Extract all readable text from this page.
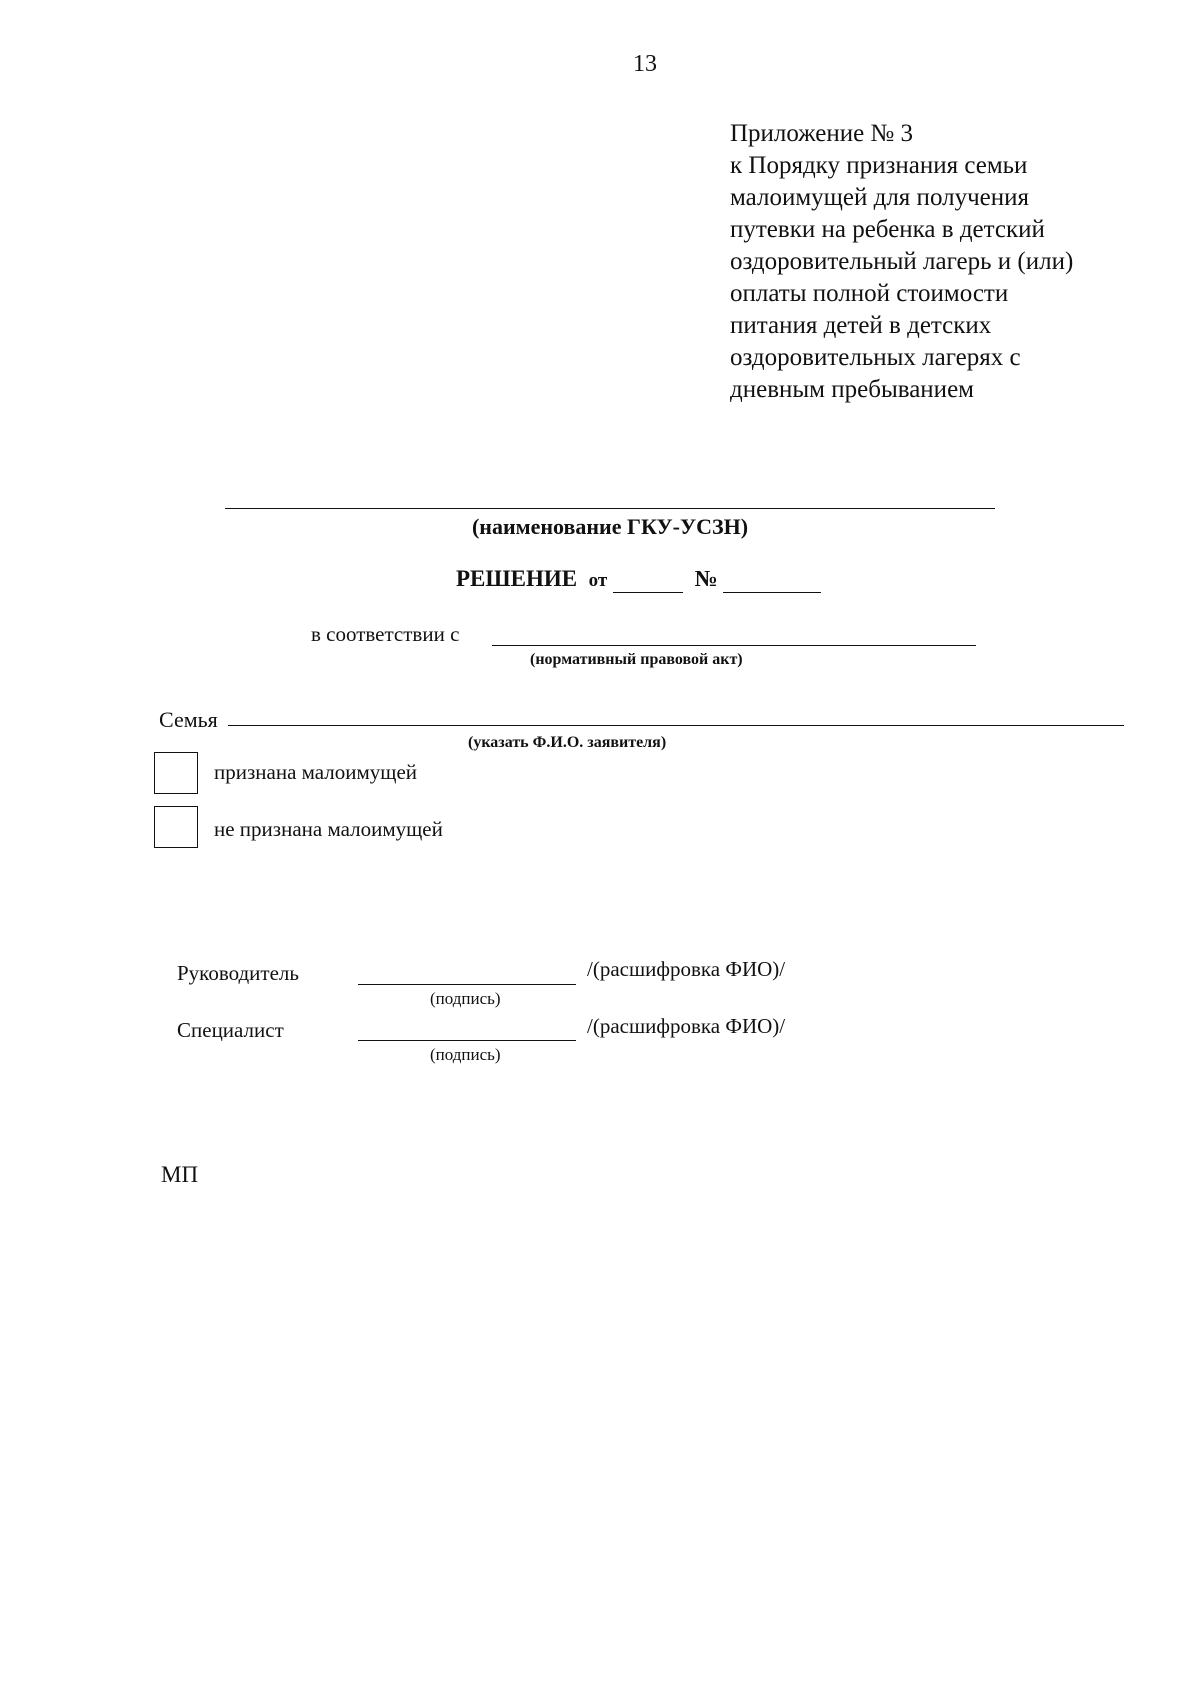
13
Приложение № 3
к Порядку признания семьи
малоимущей для получения
путевки на ребенка в детский
оздоровительный лагерь и (или)
оплаты полной стоимости
питания детей в детских
оздоровительных лагерях с
дневным пребыванием
(наименование ГКУ-УСЗН)
РЕШЕНИЕ от	№
в соответствии с
(нормативный правовой акт)
Семья
(указать Ф.И.О. заявителя)
признана малоимущей
не признана малоимущей
Руководитель	/(расшифровка ФИО)/
(подпись)
Специалист	/(расшифровка ФИО)/
(подпись)
МП
